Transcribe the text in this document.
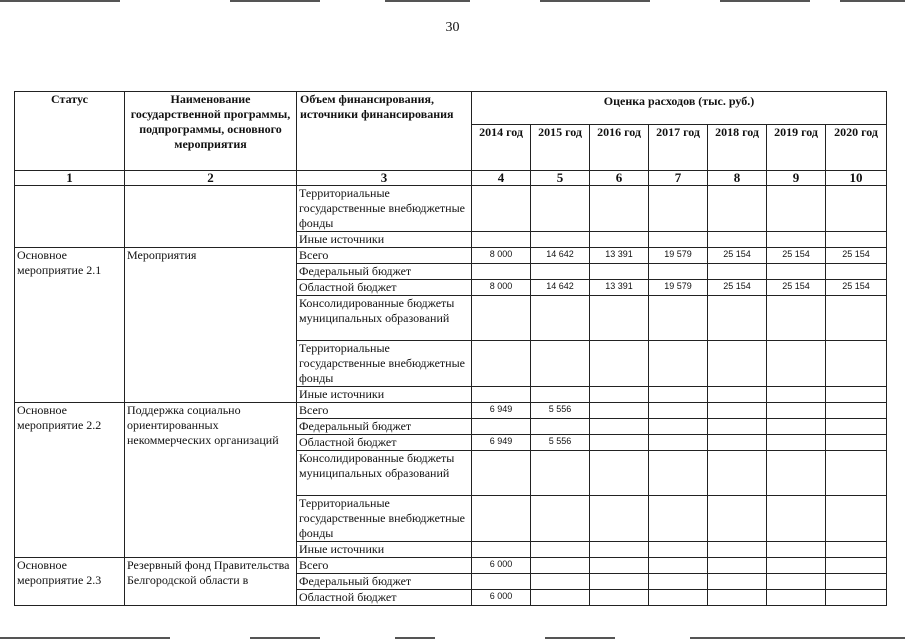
30
Статус	Наименование государственной программы, подпрограммы, основного мероприятия	Объем финансирования, источники финансирования	Оценка расходов (тыс. руб.)						
			2014 год	2015 год	2016 год	2017 год	2018 год	2019 год	2020 год
1	2	3	4	5	6	7	8	9	10
		Территориальные государственные внебюджетные фонды							
		Иные источники							
Основное мероприятие 2.1	Мероприятия	Всего	8 000	14 642	13 391	19 579	25 154	25 154	25 154
		Федеральный бюджет							
		Областной бюджет	8 000	14 642	13 391	19 579	25 154	25 154	25 154
		Консолидированные бюджеты муниципальных образований							
		Территориальные государственные внебюджетные фонды							
		Иные источники							
Основное мероприятие 2.2	Поддержка социально ориентированных некоммерческих организаций	Всего	6 949	5 556					
		Федеральный бюджет							
		Областной бюджет	6 949	5 556					
		Консолидированные бюджеты муниципальных образований							
		Территориальные государственные внебюджетные фонды							
		Иные источники							
Основное мероприятие 2.3	Резервный фонд Правительства Белгородской области в	Всего	6 000						
		Федеральный бюджет							
		Областной бюджет	6 000						
